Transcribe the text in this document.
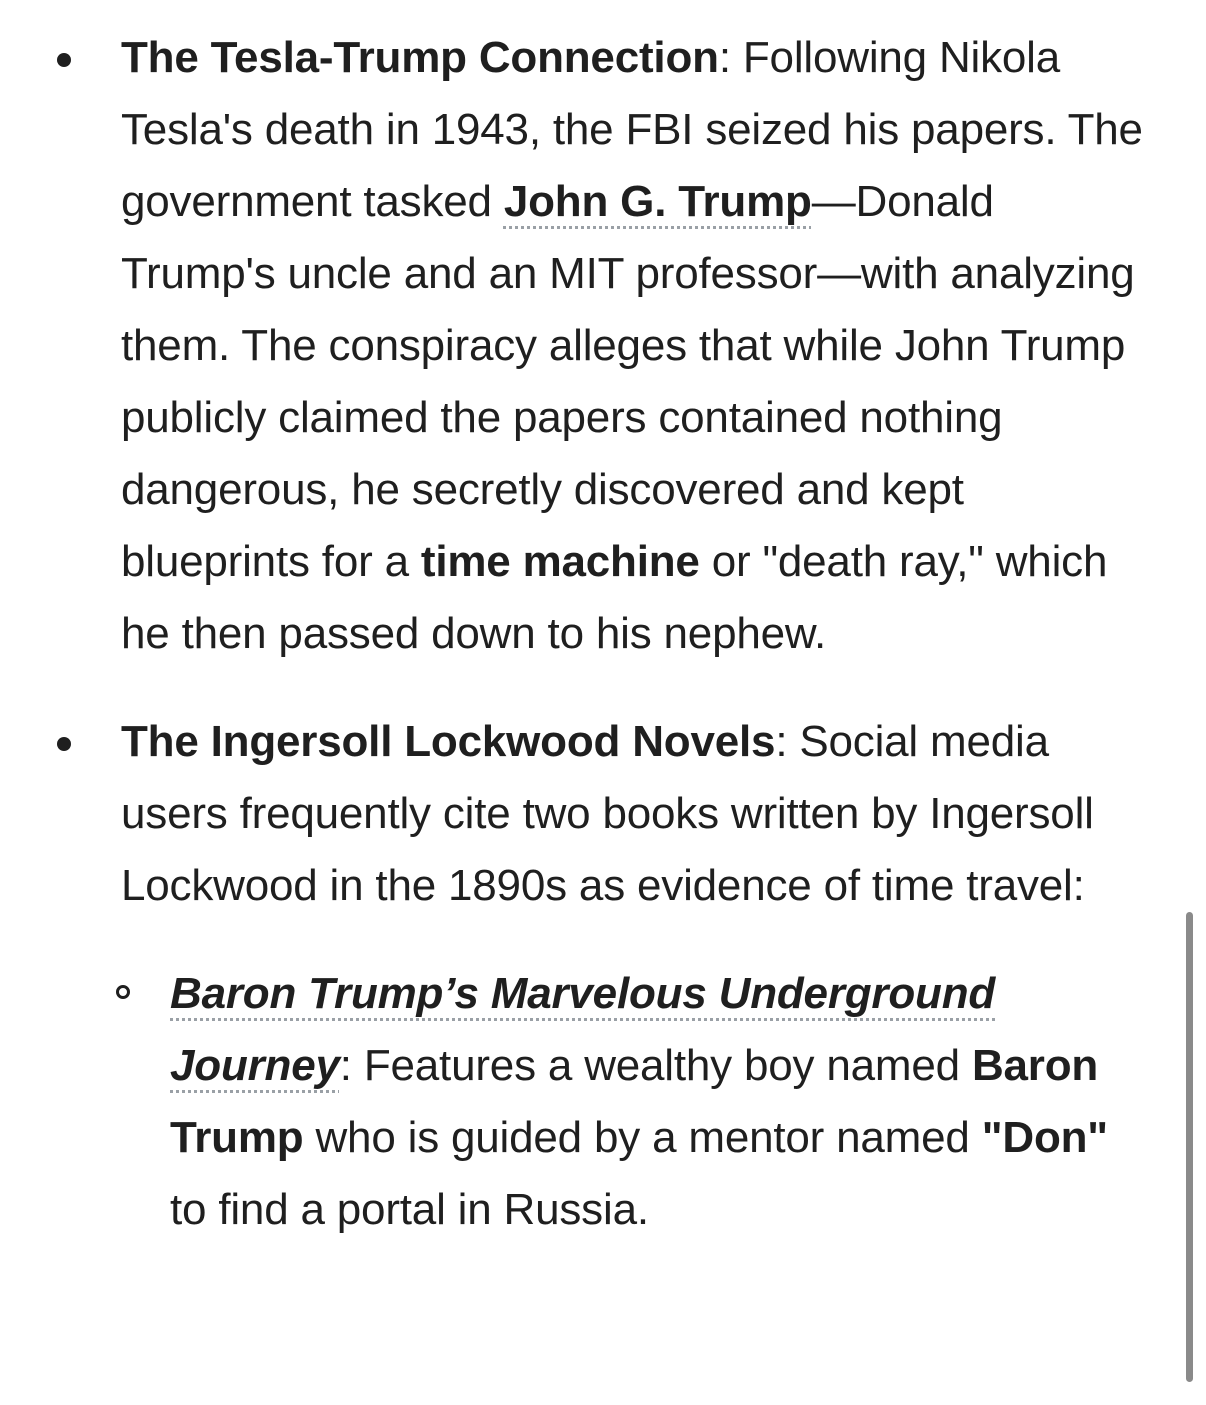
The Tesla-Trump Connection: Following Nikola Tesla's death in 1943, the FBI seized his papers. The government tasked John G. Trump—Donald Trump's uncle and an MIT professor—with analyzing them. The conspiracy alleges that while John Trump publicly claimed the papers contained nothing dangerous, he secretly discovered and kept blueprints for a time machine or "death ray," which he then passed down to his nephew.
The Ingersoll Lockwood Novels: Social media users frequently cite two books written by Ingersoll Lockwood in the 1890s as evidence of time travel:
Baron Trump’s Marvelous Underground Journey: Features a wealthy boy named Baron Trump who is guided by a mentor named "Don" to find a portal in Russia.
